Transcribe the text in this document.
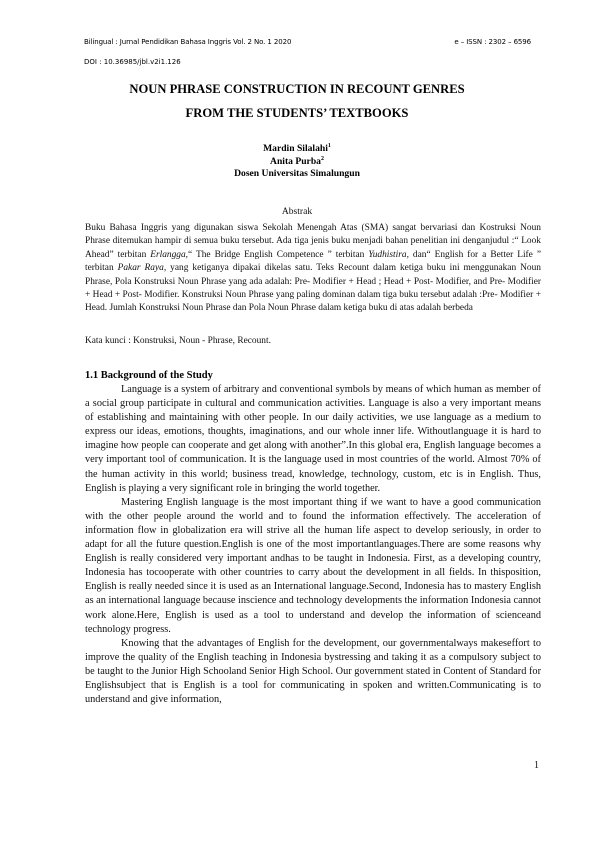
Bilingual : Jurnal Pendidikan Bahasa Inggris Vol. 2 No. 1 2020	e – ISSN : 2302 – 6596
DOI : 10.36985/jbl.v2i1.126
NOUN PHRASE CONSTRUCTION IN RECOUNT GENRES
FROM THE STUDENTS’ TEXTBOOKS
Mardin Silalahi$^1$
Anita Purba$^2$
Dosen Universitas Simalungun
Abstrak

Buku Bahasa Inggris yang digunakan siswa Sekolah Menengah Atas (SMA) sangat bervariasi dan Kostruksi Noun Phrase ditemukan hampir di semua buku tersebut. Ada tiga jenis buku menjadi bahan penelitian ini denganjudul :“ Look Ahead” terbitan Erlangga,“ The Bridge English Competence ” terbitan Yudhistira, dan“ English for a Better Life ” terbitan Pakar Raya, yang ketiganya dipakai dikelas satu. Teks Recount dalam ketiga buku ini menggunakan Noun Phrase, Pola Konstruksi Noun Phrase yang ada adalah: Pre- Modifier + Head ; Head + Post- Modifier, and Pre- Modifier + Head + Post- Modifier. Konstruksi Noun Phrase yang paling dominan dalam tiga buku tersebut adalah :Pre- Modifier + Head. Jumlah Konstruksi Noun Phrase dan Pola Noun Phrase dalam ketiga buku di atas adalah berbeda

Kata kunci : Konstruksi, Noun - Phrase, Recount.
1.1 Background of the Study

Language is a system of arbitrary and conventional symbols by means of which human as member of a social group participate in cultural and communication activities. Language is also a very important means of establishing and maintaining with other people. In our daily activities, we use language as a medium to express our ideas, emotions, thoughts, imaginations, and our whole inner life. Withoutlanguage it is hard to imagine how people can cooperate and get along with another”.In this global era, English language becomes a very important tool of communication. It is the language used in most countries of the world. Almost 70% of the human activity in this world; business tread, knowledge, technology, custom, etc is in English. Thus, English is playing a very significant role in bringing the world together.

Mastering English language is the most important thing if we want to have a good communication with the other people around the world and to found the information effectively. The acceleration of information flow in globalization era will strive all the human life aspect to develop seriously, in order to adapt for all the future question.English is one of the most importantlanguages.There are some reasons why English is really considered very important andhas to be taught in Indonesia. First, as a developing country, Indonesia has tocooperate with other countries to carry about the development in all fields. In thisposition, English is really needed since it is used as an International language.Second, Indonesia has to mastery English as an international language because inscience and technology developments the information Indonesia cannot work alone.Here, English is used as a tool to understand and develop the information of scienceand technology progress.

Knowing that the advantages of English for the development, our governmentalways makeseffort to improve the quality of the English teaching in Indonesia bystressing and taking it as a compulsory subject to be taught to the Junior High Schooland Senior High School. Our government stated in Content of Standard for Englishsubject that is English is a tool for communicating in spoken and written.Communicating is to understand and give information,

1
